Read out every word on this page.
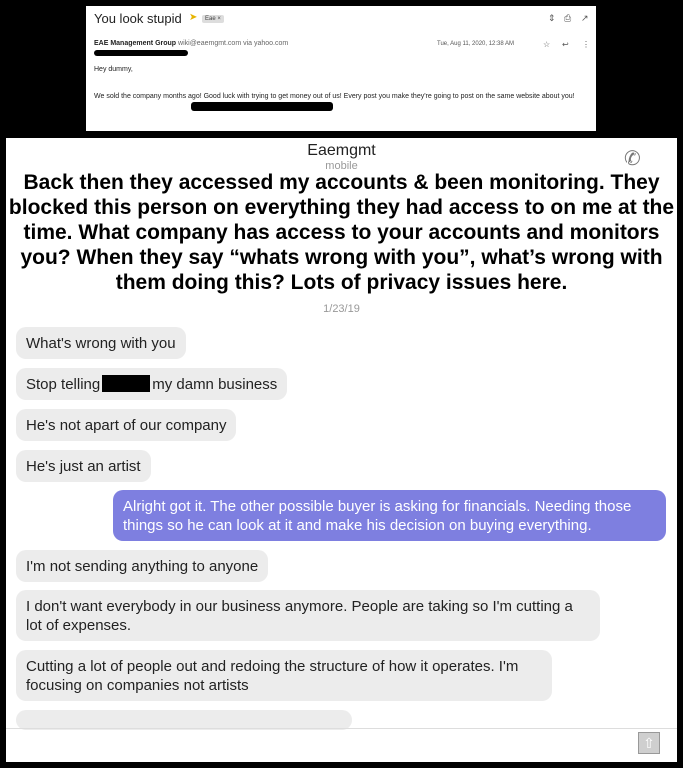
You look stupid ➤	Eae ×	⇕ ⎙ ↗
EAE Management Group wiki@eaemgmt.com via yahoo.com	Tue, Aug 11, 2020, 12:38 AM	☆ ↩ ⋮
Hey dummy,
We sold the company months ago! Good luck with trying to get money out of us! Every post you make they're going to post on the same website about you!
Eaemgmt
mobile	✆
Back then they accessed my accounts & been monitoring. They blocked this person on everything they had access to on me at the time. What company has access to your accounts and monitors you? When they say “whats wrong with you”, what’s wrong with them doing this? Lots of privacy issues here.
1/23/19
What's wrong with you
Stop telling	my damn business
He's not apart of our company
He's just an artist
Alright got it. The other possible buyer is asking for financials. Needing those things so he can look at it and make his decision on buying everything.
I'm not sending anything to anyone
I don't want everybody in our business anymore. People are taking so I'm cutting a lot of expenses.
Cutting a lot of people out and redoing the structure of how it operates. I'm focusing on companies not artists
⇧
